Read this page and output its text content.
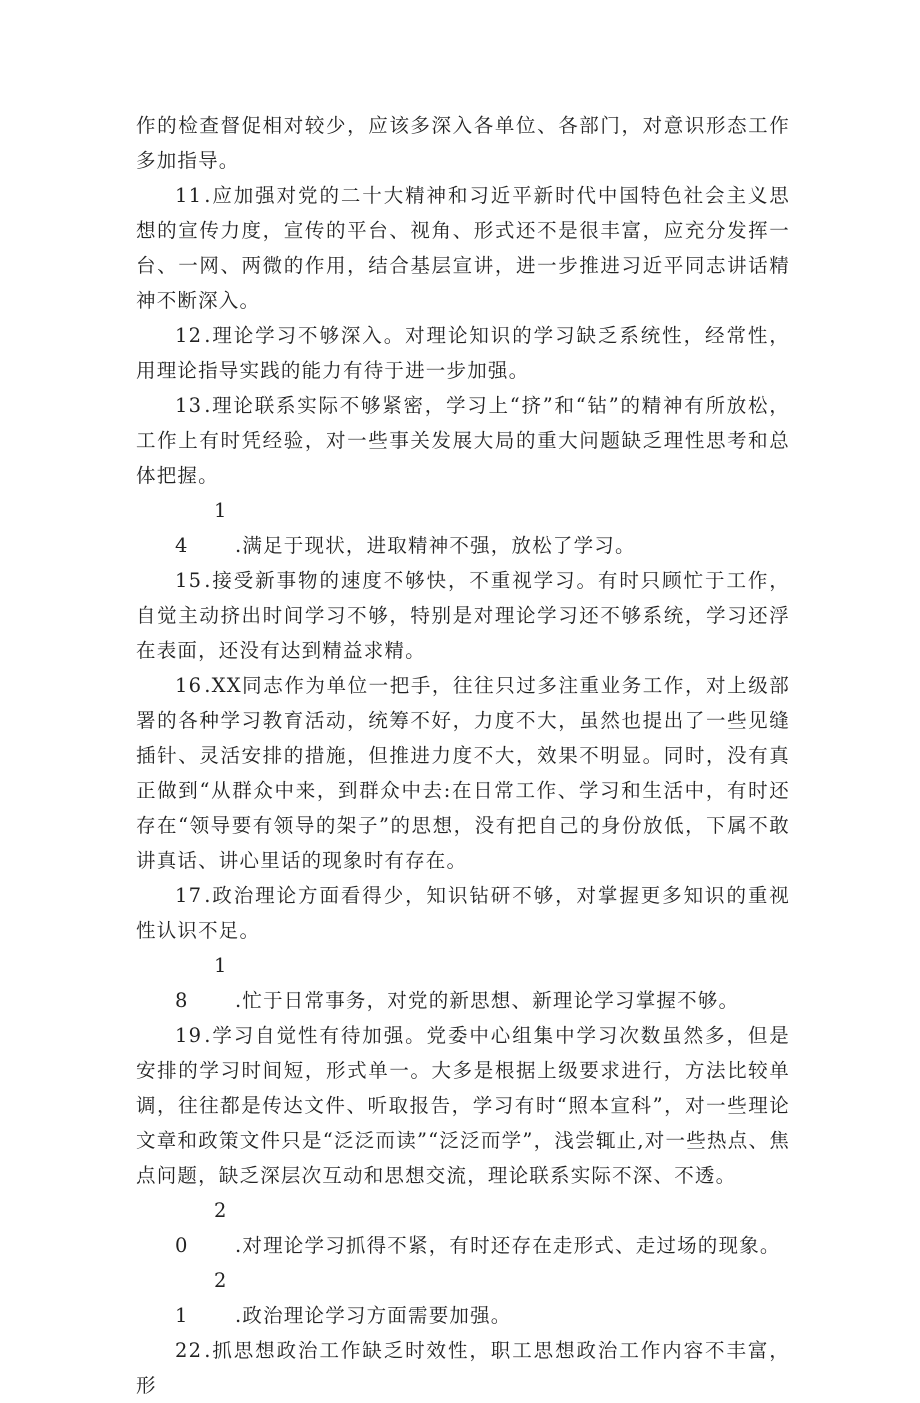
作的检查督促相对较少，应该多深入各单位、各部门，对意识形态工作多加指导。

11 .应加强对党的二十大精神和习近平新时代中国特色社会主义思想的宣传力度，宣传的平台、视角、形式还不是很丰富，应充分发挥一台、一网、两微的作用，结合基层宣讲，进一步推进习近平同志讲话精神不断深入。

12 .理论学习不够深入。对理论知识的学习缺乏系统性，经常性，用理论指导实践的能力有待于进一步加强。

13 .理论联系实际不够紧密，学习上“挤”和“钻”的精神有所放松，工作上有时凭经验，对一些事关发展大局的重大问题缺乏理性思考和总体把握。

14 .满足于现状，进取精神不强，放松了学习。

15 .接受新事物的速度不够快，不重视学习。有时只顾忙于工作，自觉主动挤出时间学习不够，特别是对理论学习还不够系统，学习还浮在表面，还没有达到精益求精。

16 .XX同志作为单位一把手，往往只过多注重业务工作，对上级部署的各种学习教育活动，统筹不好，力度不大，虽然也提出了一些见缝插针、灵活安排的措施，但推进力度不大，效果不明显。同时，没有真正做到“从群众中来，到群众中去:在日常工作、学习和生活中，有时还存在“领导要有领导的架子”的思想，没有把自己的身份放低，下属不敢讲真话、讲心里话的现象时有存在。

17 .政治理论方面看得少，知识钻研不够，对掌握更多知识的重视性认识不足。

18 .忙于日常事务，对党的新思想、新理论学习掌握不够。

19 .学习自觉性有待加强。党委中心组集中学习次数虽然多，但是安排的学习时间短，形式单一。大多是根据上级要求进行，方法比较单调，往往都是传达文件、听取报告，学习有时“照本宣科”，对一些理论文章和政策文件只是“泛泛而读”“泛泛而学”，浅尝辄止,对一些热点、焦点问题，缺乏深层次互动和思想交流，理论联系实际不深、不透。

20 .对理论学习抓得不紧，有时还存在走形式、走过场的现象。

21 .政治理论学习方面需要加强。

22 .抓思想政治工作缺乏时效性，职工思想政治工作内容不丰富，形
